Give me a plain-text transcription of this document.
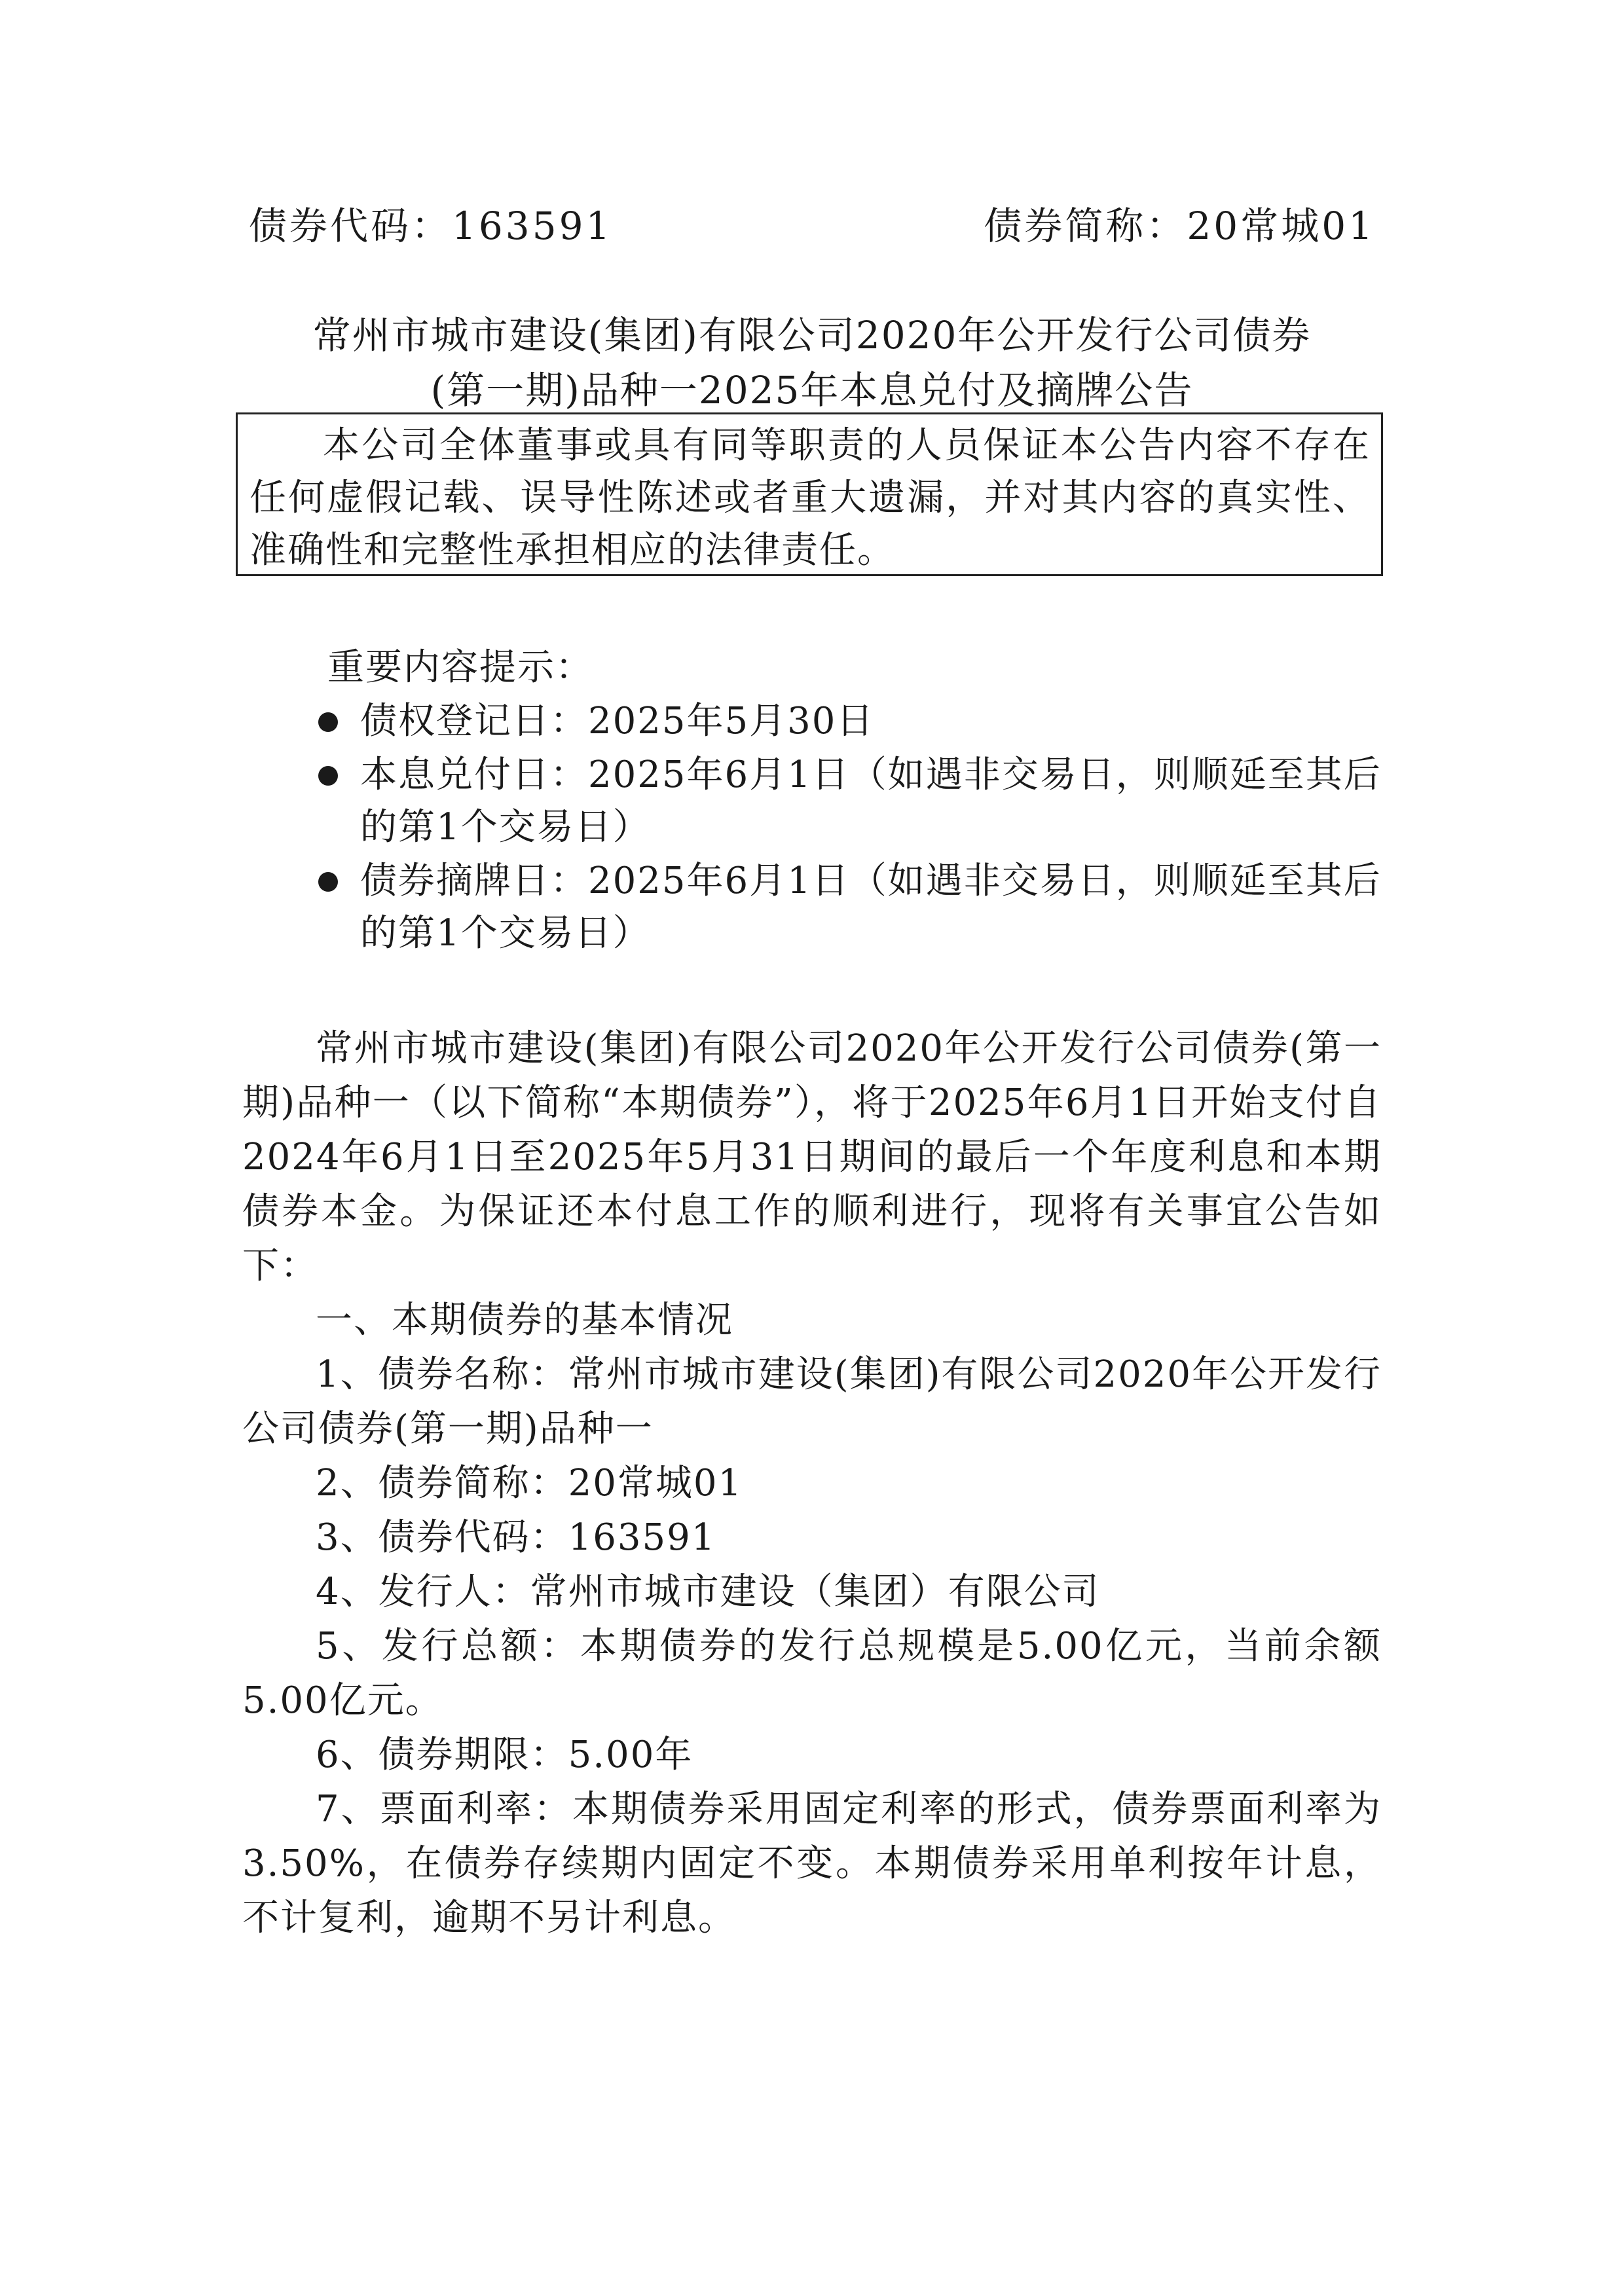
债券代码：163591	债券简称：20常城01
常州市城市建设(集团)有限公司2020年公开发行公司债券
(第一期)品种一2025年本息兑付及摘牌公告

本公司全体董事或具有同等职责的人员保证本公告内容不存在任何虚假记载、误导性陈述或者重大遗漏，并对其内容的真实性、准确性和完整性承担相应的法律责任。

重要内容提示：
债权登记日：2025年5月30日
本息兑付日：2025年6月1日（如遇非交易日，则顺延至其后的第1个交易日）
债券摘牌日：2025年6月1日（如遇非交易日，则顺延至其后的第1个交易日）

常州市城市建设(集团)有限公司2020年公开发行公司债券(第一期)品种一（以下简称“本期债券”），将于2025年6月1日开始支付自2024年6月1日至2025年5月31日期间的最后一个年度利息和本期债券本金。为保证还本付息工作的顺利进行，现将有关事宜公告如下：

一、本期债券的基本情况

1、债券名称：常州市城市建设(集团)有限公司2020年公开发行公司债券(第一期)品种一

2、债券简称：20常城01

3、债券代码：163591

4、发行人：常州市城市建设（集团）有限公司

5、发行总额：本期债券的发行总规模是5.00亿元，当前余额5.00亿元。

6、债券期限：5.00年

7、票面利率：本期债券采用固定利率的形式，债券票面利率为3.50%，在债券存续期内固定不变。本期债券采用单利按年计息，不计复利，逾期不另计利息。
